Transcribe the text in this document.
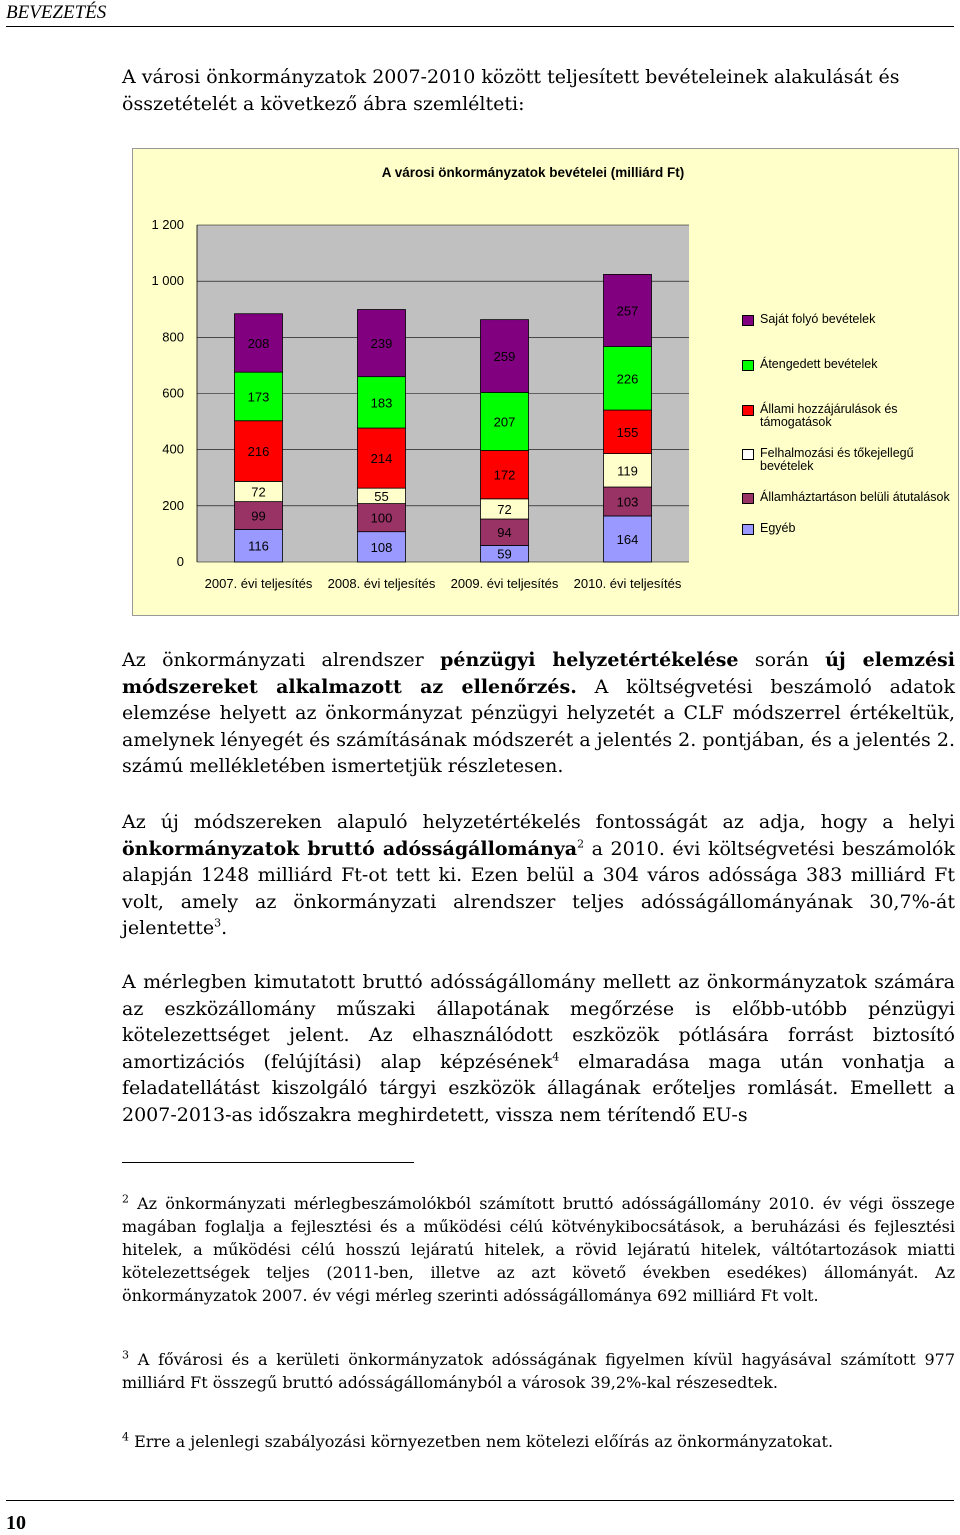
BEVEZETÉS
A városi önkormányzatok 2007-2010 között teljesített bevételeinek alakulását és összetételét a következő ábra szemlélteti:
A városi önkormányzatok bevételei (milliárd Ft)
0
200
400
600
800
1 000
1 200
116
99
72
216
173
208
2007. évi teljesítés
108
100
55
214
183
239
2008. évi teljesítés
59
94
72
172
207
259
2009. évi teljesítés
164
103
119
155
226
257
2010. évi teljesítés
Saját folyó bevételek
Átengedett bevételek
Állami hozzájárulások és támogatások
Felhalmozási és tőkejellegű bevételek
Államháztartáson belüli átutalások
Egyéb
Az önkormányzati alrendszer pénzügyi helyzetértékelése során új elemzési módszereket alkalmazott az ellenőrzés. A költségvetési beszámoló adatok elemzése helyett az önkormányzat pénzügyi helyzetét a CLF módszerrel értékeltük, amelynek lényegét és számításának módszerét a jelentés 2. pontjában, és a jelentés 2. számú mellékletében ismertetjük részletesen.
Az új módszereken alapuló helyzetértékelés fontosságát az adja, hogy a helyi önkormányzatok bruttó adósságállománya$^2$ a 2010. évi költségvetési beszámolók alapján 1248 milliárd Ft-ot tett ki. Ezen belül a 304 város adóssága 383 milliárd Ft volt, amely az önkormányzati alrendszer teljes adósságállományának 30,7%-át jelentette$^3$.
A mérlegben kimutatott bruttó adósságállomány mellett az önkormányzatok számára az eszközállomány műszaki állapotának megőrzése is előbb-utóbb pénzügyi kötelezettséget jelent. Az elhasználódott eszközök pótlására forrást biztosító amortizációs (felújítási) alap képzésének$^4$ elmaradása maga után vonhatja a feladatellátást kiszolgáló tárgyi eszközök állagának erőteljes romlását. Emellett a 2007-2013-as időszakra meghirdetett, vissza nem térítendő EU-s
$^2$ Az önkormányzati mérlegbeszámolókból számított bruttó adósságállomány 2010. év végi összege magában foglalja a fejlesztési és a működési célú kötvénykibocsátások, a beruházási és fejlesztési hitelek, a működési célú hosszú lejáratú hitelek, a rövid lejáratú hitelek, váltótartozások miatti kötelezettségek teljes (2011-ben, illetve az azt követő években esedékes) állományát. Az önkormányzatok 2007. év végi mérleg szerinti adósságállománya 692 milliárd Ft volt.
$^3$ A fővárosi és a kerületi önkormányzatok adósságának figyelmen kívül hagyásával számított 977 milliárd Ft összegű bruttó adósságállományból a városok 39,2%-kal részesedtek.
$^4$ Erre a jelenlegi szabályozási környezetben nem kötelezi előírás az önkormányzatokat.
10
